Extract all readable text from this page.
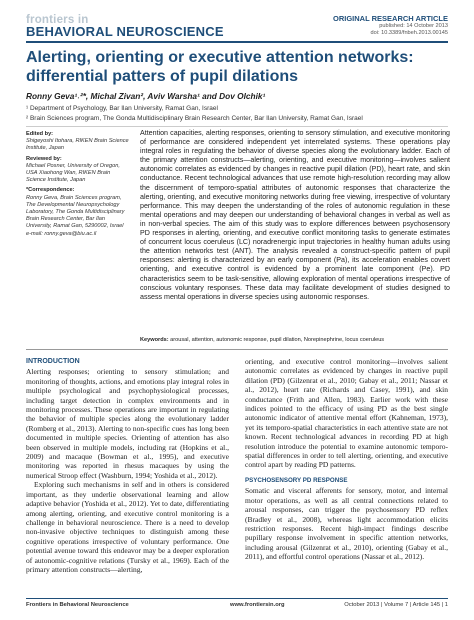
frontiers in
BEHAVIORAL NEUROSCIENCE
ORIGINAL RESEARCH ARTICLE
published: 14 October 2013
doi: 10.3389/fnbeh.2013.00145
Alerting, orienting or executive attention networks: differential patters of pupil dilations
Ronny Geva¹˒²*, Michal Zivan², Aviv Warsha¹ and Dov Olchik¹
¹ Department of Psychology, Bar Ilan University, Ramat Gan, Israel
² Brain Sciences program, The Gonda Multidisciplinary Brain Research Center, Bar Ilan University, Ramat Gan, Israel
Edited by:
Shigeyoshi Itohara, RIKEN Brain Science Institute, Japan
Reviewed by:
Michael Posner, University of Oregon, USA Xiaohong Wan, RIKEN Brain Science Institute, Japan
*Correspondence:
Ronny Geva, Brain Sciences program, The Developmental Neuropsychology Laboratory, The Gonda Multidisciplinary Brain Research Center, Bar Ilan University, Ramat Gan, 5290002, Israel e-mail: ronny.geva@biu.ac.il
Attention capacities, alerting responses, orienting to sensory stimulation, and executive monitoring of performance are considered independent yet interrelated systems. These operations play integral roles in regulating the behavior of diverse species along the evolutionary ladder. Each of the primary attention constructs—alerting, orienting, and executive monitoring—involves salient autonomic correlates as evidenced by changes in reactive pupil dilation (PD), heart rate, and skin conductance. Recent technological advances that use remote high-resolution recording may allow the discernment of temporo-spatial attributes of autonomic responses that characterize the alerting, orienting, and executive monitoring networks during free viewing, irrespective of voluntary performance. This may deepen the understanding of the roles of autonomic regulation in these mental operations and may deepen our understanding of behavioral changes in verbal as well as in non-verbal species. The aim of this study was to explore differences between psychosensory PD responses in alerting, orienting, and executive conflict monitoring tasks to generate estimates of concurrent locus coeruleus (LC) noradrenergic input trajectories in healthy human adults using the attention networks test (ANT). The analysis revealed a construct-specific pattern of pupil responses: alerting is characterized by an early component (Pa), its acceleration enables covert orienting, and executive control is evidenced by a prominent late component (Pe). PD characteristics seem to be task-sensitive, allowing exploration of mental operations irrespective of conscious voluntary responses. These data may facilitate development of studies designed to assess mental operations in diverse species using autonomic responses.
Keywords: arousal, attention, autonomic response, pupil dilation, Norepinephrine, locus coeruleus
INTRODUCTION

Alerting responses; orienting to sensory stimulation; and monitoring of thoughts, actions, and emotions play integral roles in multiple psychological and psychophysiological processes, including target detection in complex environments and in monitoring processes. These operations are important in regulating the behavior of multiple species along the evolutionary ladder (Romberg et al., 2013). Alerting to non-specific cues has long been documented in multiple species. Orienting of attention has also been observed in multiple models, including rat (Hopkins et al., 2009) and macaque (Bowman et al., 1995), and executive monitoring was reported in rhesus macaques by using the numerical Stroop effect (Washburn, 1994; Yoshida et al., 2012).

Exploring such mechanisms in self and in others is considered important, as they underlie observational learning and allow adaptive behavior (Yoshida et al., 2012). Yet to date, differentiating among alerting, orienting, and executive control monitoring is a challenge in behavioral neuroscience. There is a need to develop non-invasive objective techniques to distinguish among these cognitive operations irrespective of voluntary performance. One potential avenue toward this endeavor may be a deeper exploration of autonomic-cognitive relations (Tursky et al., 1969). Each of the primary attention constructs—alerting,

orienting, and executive control monitoring—involves salient autonomic correlates as evidenced by changes in reactive pupil dilation (PD) (Gilzenrat et al., 2010; Gabay et al., 2011; Nassar et al., 2012), heart rate (Richards and Casey, 1991), and skin conductance (Frith and Allen, 1983). Earlier work with these indices pointed to the efficacy of using PD as the best single autonomic indicator of attentive mental effort (Kahneman, 1973), yet its temporo-spatial characteristics in each attentive state are not known. Recent technological advances in recording PD at high resolution introduce the potential to examine autonomic temporo-spatial differences in order to tell alerting, orienting, and executive control apart by reading PD patterns.

PSYCHOSENSORY PD RESPONSE

Somatic and visceral afferents for sensory, motor, and internal motor operations, as well as all central connections related to arousal responses, can trigger the psychosensory PD reflex (Bradley et al., 2008), whereas light accommodation elicits restriction responses. Recent high-impact findings describe pupillary response involvement in specific attention networks, including arousal (Gilzenrat et al., 2010), orienting (Gabay et al., 2011), and effortful control operations (Nassar et al., 2012).

Frontiers in Behavioral Neuroscience	www.frontiersin.org	October 2013 | Volume 7 | Article 145 | 1
